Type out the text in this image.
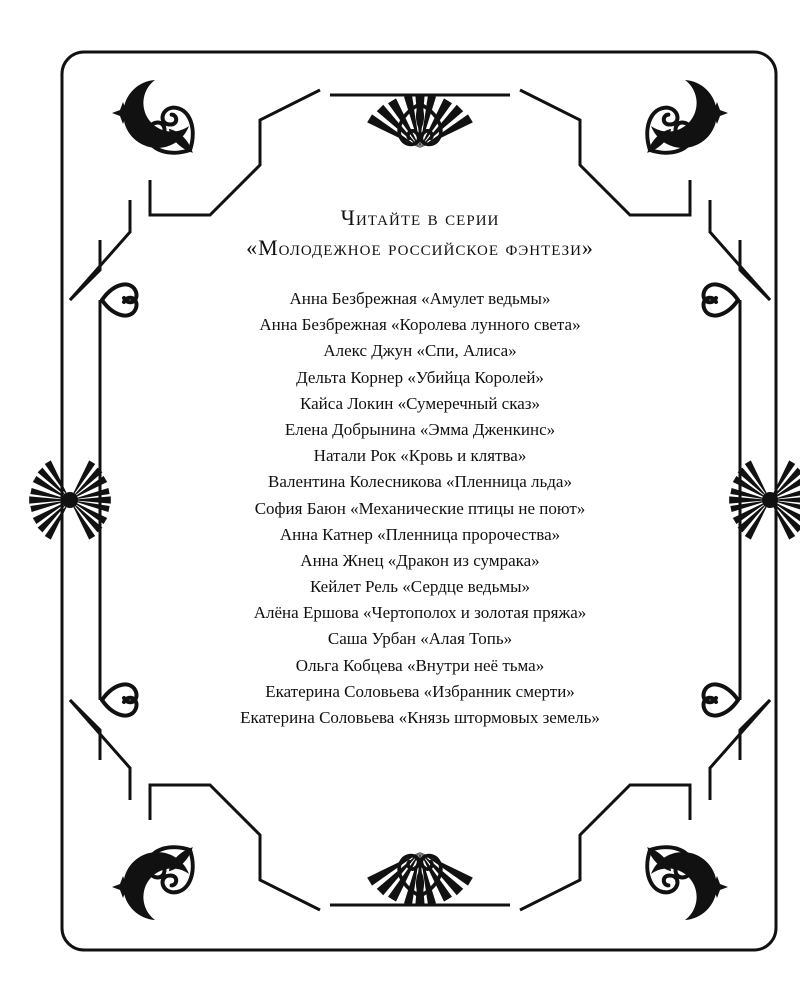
Читайте в серии
«Молодежное российское фэнтези»
Анна Безбрежная «Амулет ведьмы»
Анна Безбрежная «Королева лунного света»
Алекс Джун «Спи, Алиса»
Дельта Корнер «Убийца Королей»
Кайса Локин «Сумеречный сказ»
Елена Добрынина «Эмма Дженкинс»
Натали Рок «Кровь и клятва»
Валентина Колесникова «Пленница льда»
София Баюн «Механические птицы не поют»
Анна Катнер «Пленница пророчества»
Анна Жнец «Дракон из сумрака»
Кейлет Рель «Сердце ведьмы»
Алёна Ершова «Чертополох и золотая пряжа»
Саша Урбан «Алая Топь»
Ольга Кобцева «Внутри неё тьма»
Екатерина Соловьева «Избранник смерти»
Екатерина Соловьева «Князь штормовых земель»
